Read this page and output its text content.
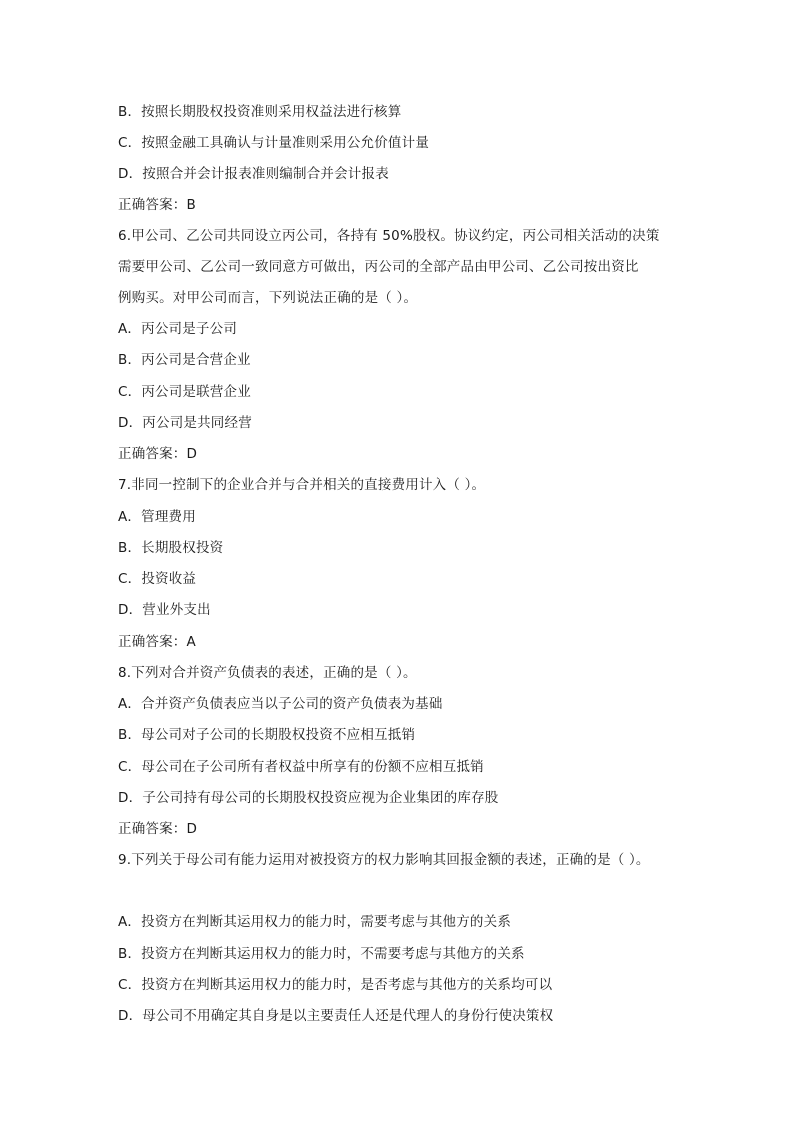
B．按照长期股权投资准则采用权益法进行核算
C．按照金融工具确认与计量准则采用公允价值计量
D．按照合并会计报表准则编制合并会计报表
正确答案：B
6.甲公司、乙公司共同设立丙公司，各持有 50%股权。协议约定，丙公司相关活动的决策
需要甲公司、乙公司一致同意方可做出，丙公司的全部产品由甲公司、乙公司按出资比
例购买。对甲公司而言，下列说法正确的是（ ）。
A．丙公司是子公司
B．丙公司是合营企业
C．丙公司是联营企业
D．丙公司是共同经营
正确答案：D
7.非同一控制下的企业合并与合并相关的直接费用计入（ ）。
A．管理费用
B．长期股权投资
C．投资收益
D．营业外支出
正确答案：A
8.下列对合并资产负债表的表述，正确的是（ ）。
A．合并资产负债表应当以子公司的资产负债表为基础
B．母公司对子公司的长期股权投资不应相互抵销
C．母公司在子公司所有者权益中所享有的份额不应相互抵销
D．子公司持有母公司的长期股权投资应视为企业集团的库存股
正确答案：D
9.下列关于母公司有能力运用对被投资方的权力影响其回报金额的表述，正确的是（ ）。
A．投资方在判断其运用权力的能力时，需要考虑与其他方的关系
B．投资方在判断其运用权力的能力时，不需要考虑与其他方的关系
C．投资方在判断其运用权力的能力时，是否考虑与其他方的关系均可以
D．母公司不用确定其自身是以主要责任人还是代理人的身份行使决策权
